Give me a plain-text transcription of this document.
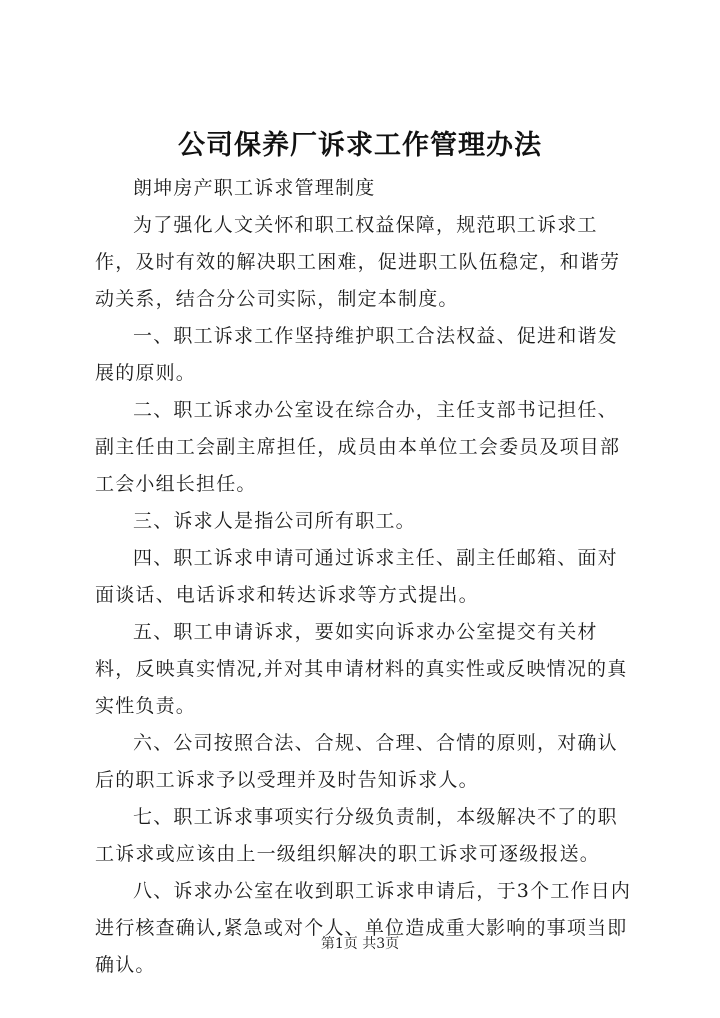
公司保养厂诉求工作管理办法

朗坤房产职工诉求管理制度

为了强化人文关怀和职工权益保障，规范职工诉求工作，及时有效的解决职工困难，促进职工队伍稳定，和谐劳动关系，结合分公司实际，制定本制度。

一、职工诉求工作坚持维护职工合法权益、促进和谐发展的原则。

二、职工诉求办公室设在综合办，主任支部书记担任、副主任由工会副主席担任，成员由本单位工会委员及项目部工会小组长担任。

三、诉求人是指公司所有职工。

四、职工诉求申请可通过诉求主任、副主任邮箱、面对面谈话、电话诉求和转达诉求等方式提出。

五、职工申请诉求，要如实向诉求办公室提交有关材料，反映真实情况,并对其申请材料的真实性或反映情况的真实性负责。

六、公司按照合法、合规、合理、合情的原则，对确认后的职工诉求予以受理并及时告知诉求人。

七、职工诉求事项实行分级负责制，本级解决不了的职工诉求或应该由上一级组织解决的职工诉求可逐级报送。

八、诉求办公室在收到职工诉求申请后，于3个工作日内进行核查确认,紧急或对个人、单位造成重大影响的事项当即确认。

第1页 共3页
